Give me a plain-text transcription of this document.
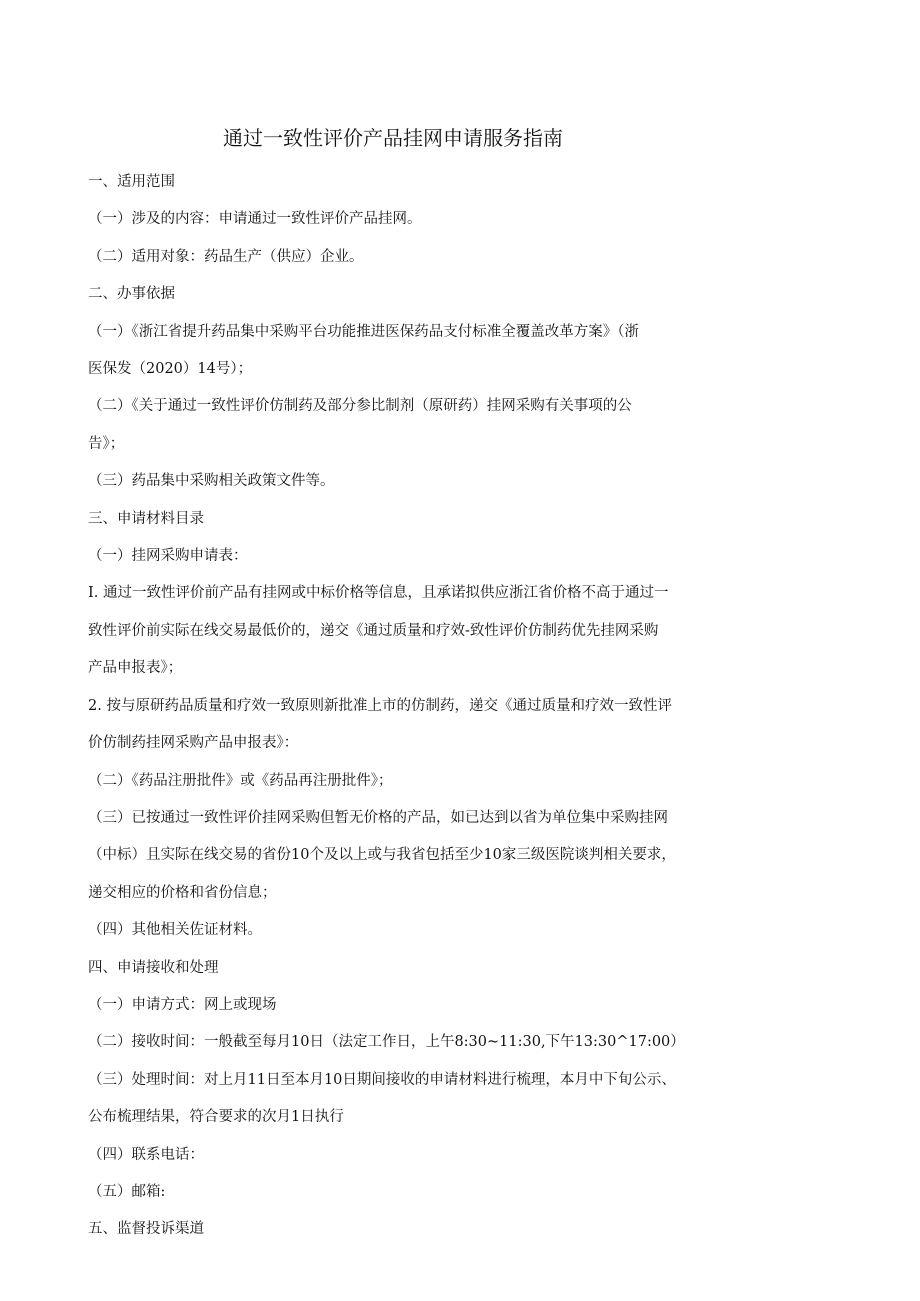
通过一致性评价产品挂网申请服务指南

一、适用范围

（一）涉及的内容：申请通过一致性评价产品挂网。

（二）适用对象：药品生产（供应）企业。

二、办事依据

（一）《浙江省提升药品集中采购平台功能推进医保药品支付标准全覆盖改革方案》（浙

医保发（2020）14号）；

（二）《关于通过一致性评价仿制药及部分参比制剂（原研药）挂网采购有关事项的公

告》；

（三）药品集中采购相关政策文件等。

三、申请材料目录

（一）挂网采购申请表：

I. 通过一致性评价前产品有挂网或中标价格等信息，且承诺拟供应浙江省价格不高于通过一

致性评价前实际在线交易最低价的，递交《通过质量和疗效-致性评价仿制药优先挂网采购

产品申报表》；

2. 按与原研药品质量和疗效一致原则新批准上市的仿制药，递交《通过质量和疗效一致性评

价仿制药挂网采购产品申报表》：

（二）《药品注册批件》或《药品再注册批件》；

（三）已按通过一致性评价挂网采购但暂无价格的产品，如已达到以省为单位集中采购挂网

（中标）且实际在线交易的省份10个及以上或与我省包括至少10家三级医院谈判相关要求，

递交相应的价格和省份信息；

（四）其他相关佐证材料。

四、申请接收和处理

（一）申请方式：网上或现场

（二）接收时间：一般截至每月10日（法定工作日，上午8:30~11:30,下午13:30^17:00）

（三）处理时间：对上月11日至本月10日期间接收的申请材料进行梳理，本月中下旬公示、

公布梳理结果，符合要求的次月1日执行

（四）联系电话：

（五）邮箱:

五、监督投诉渠道
